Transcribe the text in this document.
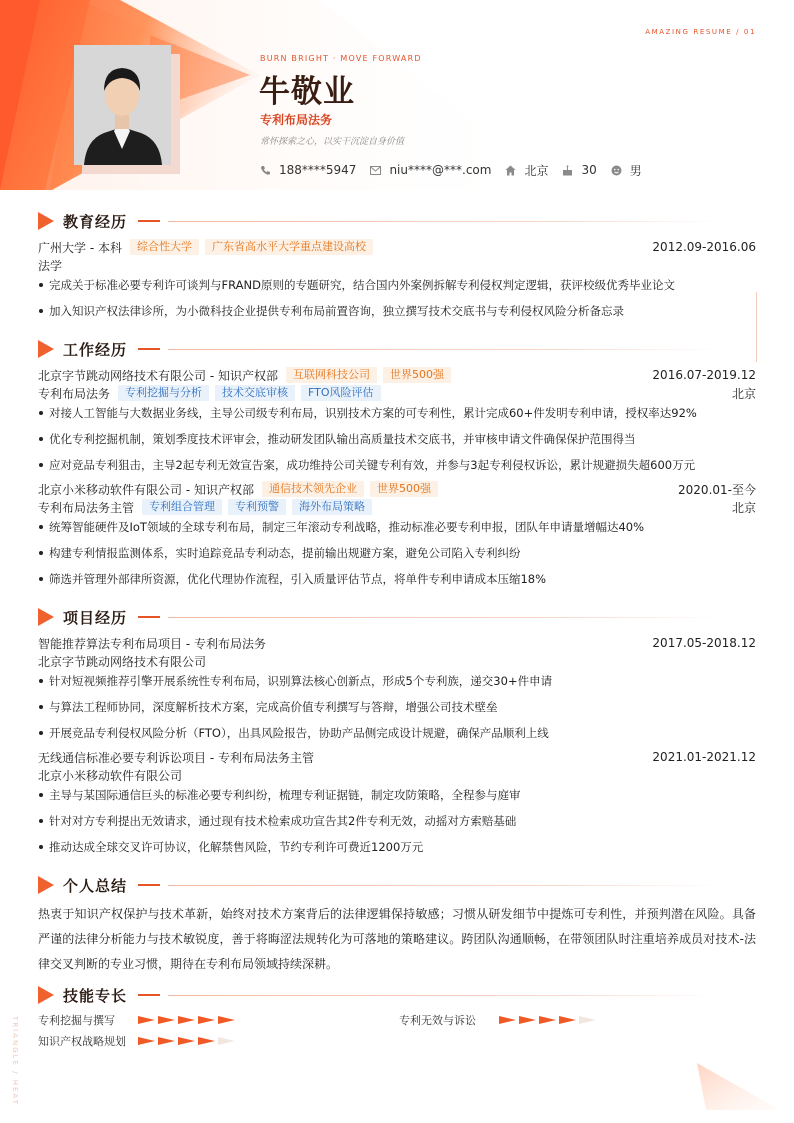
AMAZING RESUME / 01
BURN BRIGHT · MOVE FORWARD
牛敬业
专利布局法务
常怀探索之心，以实干沉淀自身价值
188****5947	niu****@***.com	北京	30	男
教育经历
广州大学 - 本科	综合性大学	广东省高水平大学重点建设高校	2012.09-2016.06
法学
完成关于标准必要专利许可谈判与FRAND原则的专题研究，结合国内外案例拆解专利侵权判定逻辑，获评校级优秀毕业论文
加入知识产权法律诊所，为小微科技企业提供专利布局前置咨询，独立撰写技术交底书与专利侵权风险分析备忘录
工作经历
北京字节跳动网络技术有限公司 - 知识产权部	互联网科技公司	世界500强	2016.07-2019.12
专利布局法务	专利挖掘与分析	技术交底审核	FTO风险评估	北京
对接人工智能与大数据业务线，主导公司级专利布局，识别技术方案的可专利性，累计完成60+件发明专利申请，授权率达92%
优化专利挖掘机制，策划季度技术评审会，推动研发团队输出高质量技术交底书，并审核申请文件确保保护范围得当
应对竞品专利狙击，主导2起专利无效宣告案，成功维持公司关键专利有效，并参与3起专利侵权诉讼，累计规避损失超600万元
北京小米移动软件有限公司 - 知识产权部	通信技术领先企业	世界500强	2020.01-至今
专利布局法务主管	专利组合管理	专利预警	海外布局策略	北京
统筹智能硬件及IoT领域的全球专利布局，制定三年滚动专利战略，推动标准必要专利申报，团队年申请量增幅达40%
构建专利情报监测体系，实时追踪竞品专利动态，提前输出规避方案，避免公司陷入专利纠纷
筛选并管理外部律所资源，优化代理协作流程，引入质量评估节点，将单件专利申请成本压缩18%
项目经历
智能推荐算法专利布局项目 - 专利布局法务	2017.05-2018.12
北京字节跳动网络技术有限公司
针对短视频推荐引擎开展系统性专利布局，识别算法核心创新点，形成5个专利族，递交30+件申请
与算法工程师协同，深度解析技术方案，完成高价值专利撰写与答辩，增强公司技术壁垒
开展竞品专利侵权风险分析（FTO），出具风险报告，协助产品侧完成设计规避，确保产品顺利上线
无线通信标准必要专利诉讼项目 - 专利布局法务主管	2021.01-2021.12
北京小米移动软件有限公司
主导与某国际通信巨头的标准必要专利纠纷，梳理专利证据链，制定攻防策略，全程参与庭审
针对对方专利提出无效请求，通过现有技术检索成功宣告其2件专利无效，动摇对方索赔基础
推动达成全球交叉许可协议，化解禁售风险，节约专利许可费近1200万元
个人总结
热衷于知识产权保护与技术革新，始终对技术方案背后的法律逻辑保持敏感；习惯从研发细节中提炼可专利性，并预判潜在风险。具备严谨的法律分析能力与技术敏锐度，善于将晦涩法规转化为可落地的策略建议。跨团队沟通顺畅，在带领团队时注重培养成员对技术-法律交叉判断的专业习惯，期待在专利布局领域持续深耕。
技能专长
专利挖掘与撰写	专利无效与诉讼
知识产权战略规划
TRIANGLE / HEAT
